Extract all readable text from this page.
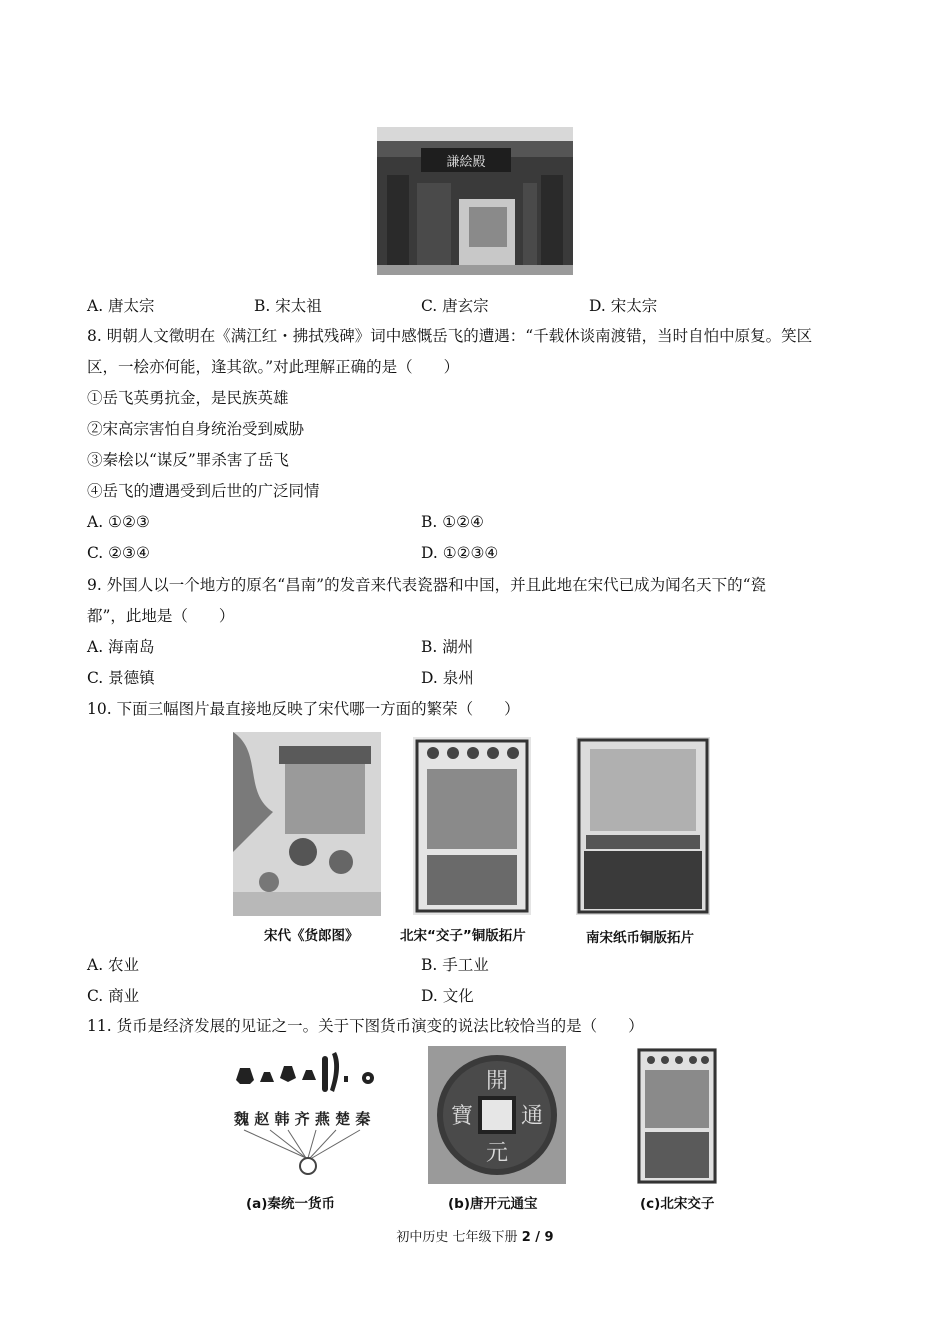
謙絵殿
A. 唐太宗	B. 宋太祖	C. 唐玄宗	D. 宋太宗
8. 明朝人文徵明在《满江红・拂拭残碑》词中感慨岳飞的遭遇：“千载休谈南渡错，当时自怕中原复。笑区
区，一桧亦何能，逢其欲。”对此理解正确的是（　　）
①岳飞英勇抗金，是民族英雄
②宋高宗害怕自身统治受到威胁
③秦桧以“谋反”罪杀害了岳飞
④岳飞的遭遇受到后世的广泛同情
A. ①②③	B. ①②④
C. ②③④	D. ①②③④
9. 外国人以一个地方的原名“昌南”的发音来代表瓷器和中国，并且此地在宋代已成为闻名天下的“瓷
都”，此地是（　　）
A. 海南岛	B. 湖州
C. 景德镇	D. 泉州
10. 下面三幅图片最直接地反映了宋代哪一方面的繁荣（　　）
宋代《货郎图》	北宋“交子”铜版拓片	南宋纸币铜版拓片
A. 农业	B. 手工业
C. 商业	D. 文化
11. 货币是经济发展的见证之一。关于下图货币演变的说法比较恰当的是（　　）
魏 赵 韩 齐 燕 楚 秦
開
元
通
寶
(a)秦统一货币	(b)唐开元通宝	(c)北宋交子
初中历史 七年级下册 2 / 9
